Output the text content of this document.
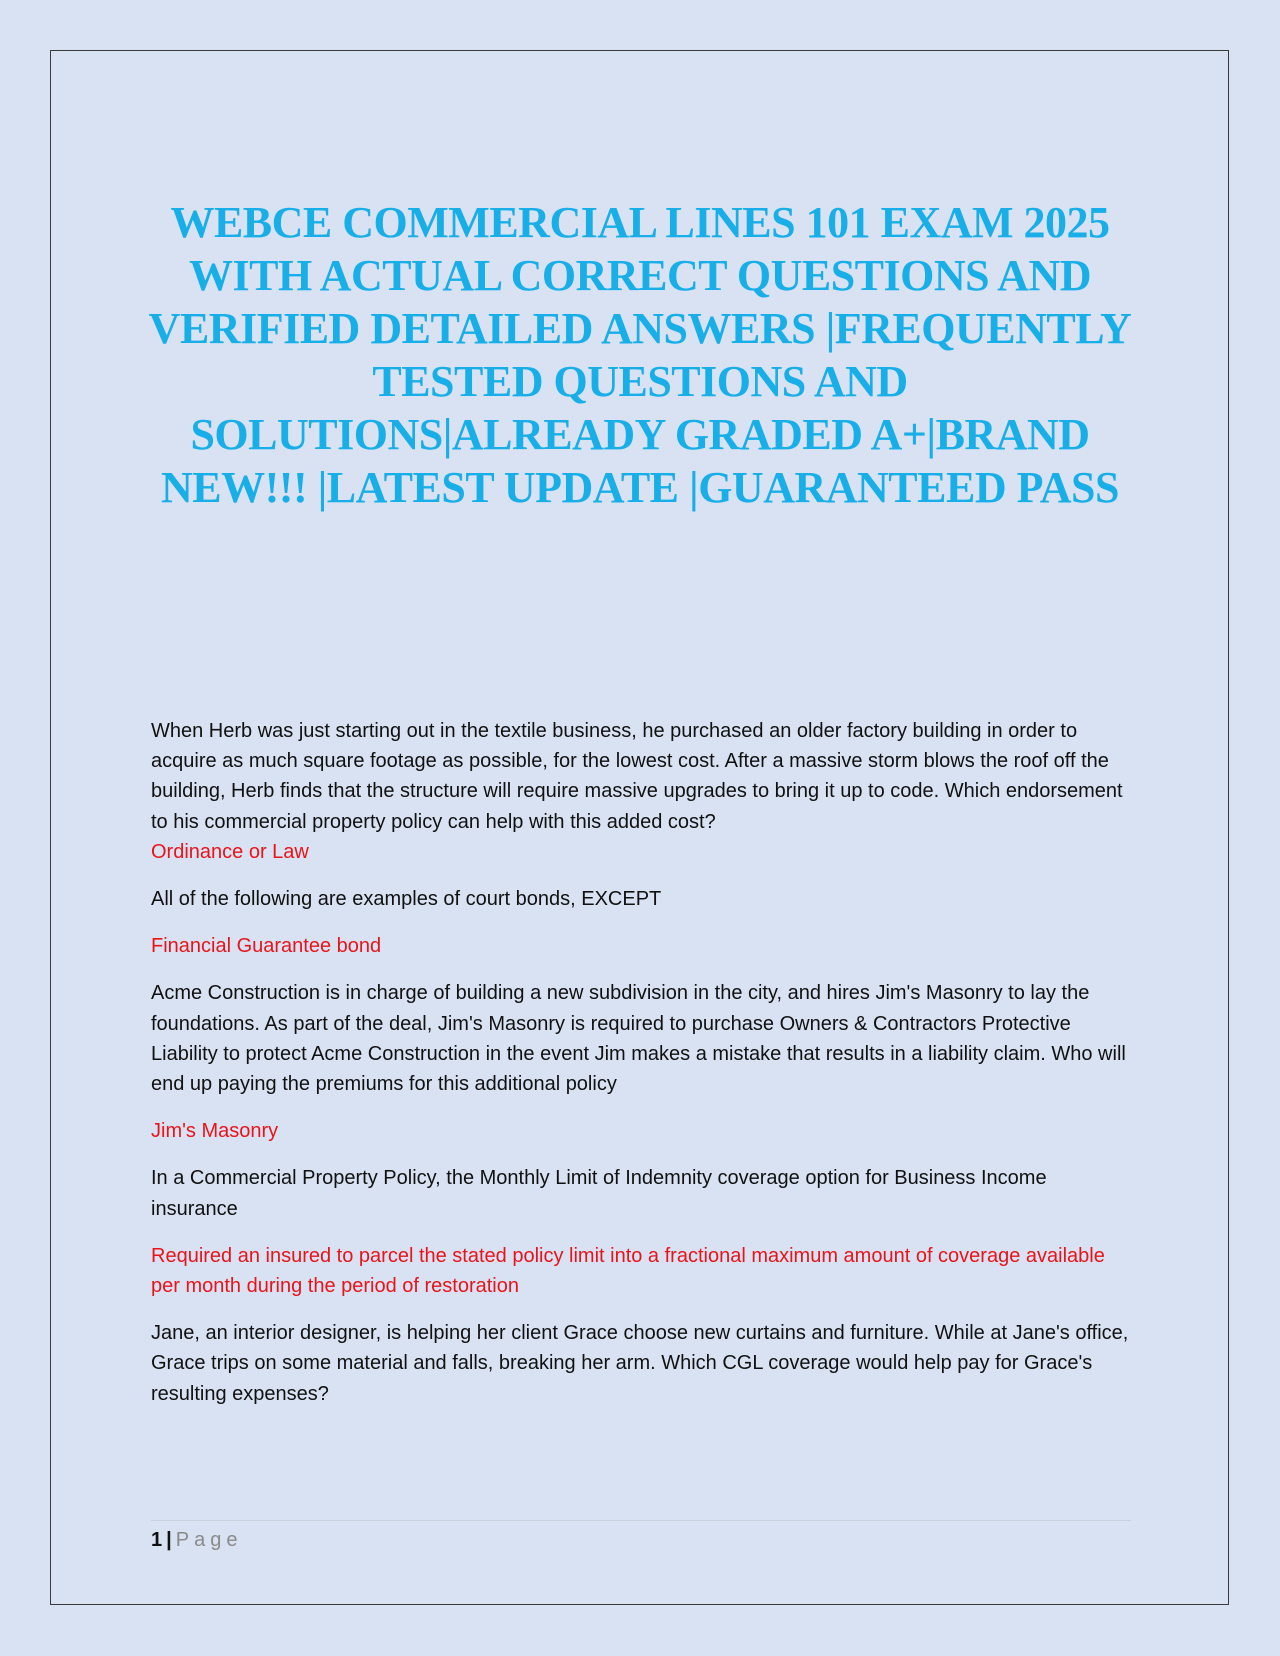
WEBCE COMMERCIAL LINES 101 EXAM 2025 WITH ACTUAL CORRECT QUESTIONS AND VERIFIED DETAILED ANSWERS |FREQUENTLY TESTED QUESTIONS AND SOLUTIONS|ALREADY GRADED A+|BRAND NEW!!! |LATEST UPDATE |GUARANTEED PASS

When Herb was just starting out in the textile business, he purchased an older factory building in order to acquire as much square footage as possible, for the lowest cost. After a massive storm blows the roof off the building, Herb finds that the structure will require massive upgrades to bring it up to code. Which endorsement to his commercial property policy can help with this added cost?

Ordinance or Law

All of the following are examples of court bonds, EXCEPT

Financial Guarantee bond

Acme Construction is in charge of building a new subdivision in the city, and hires Jim's Masonry to lay the foundations. As part of the deal, Jim's Masonry is required to purchase Owners & Contractors Protective Liability to protect Acme Construction in the event Jim makes a mistake that results in a liability claim. Who will end up paying the premiums for this additional policy

Jim's Masonry

In a Commercial Property Policy, the Monthly Limit of Indemnity coverage option for Business Income insurance

Required an insured to parcel the stated policy limit into a fractional maximum amount of coverage available per month during the period of restoration

Jane, an interior designer, is helping her client Grace choose new curtains and furniture. While at Jane's office, Grace trips on some material and falls, breaking her arm. Which CGL coverage would help pay for Grace's resulting expenses?

1 | Page
